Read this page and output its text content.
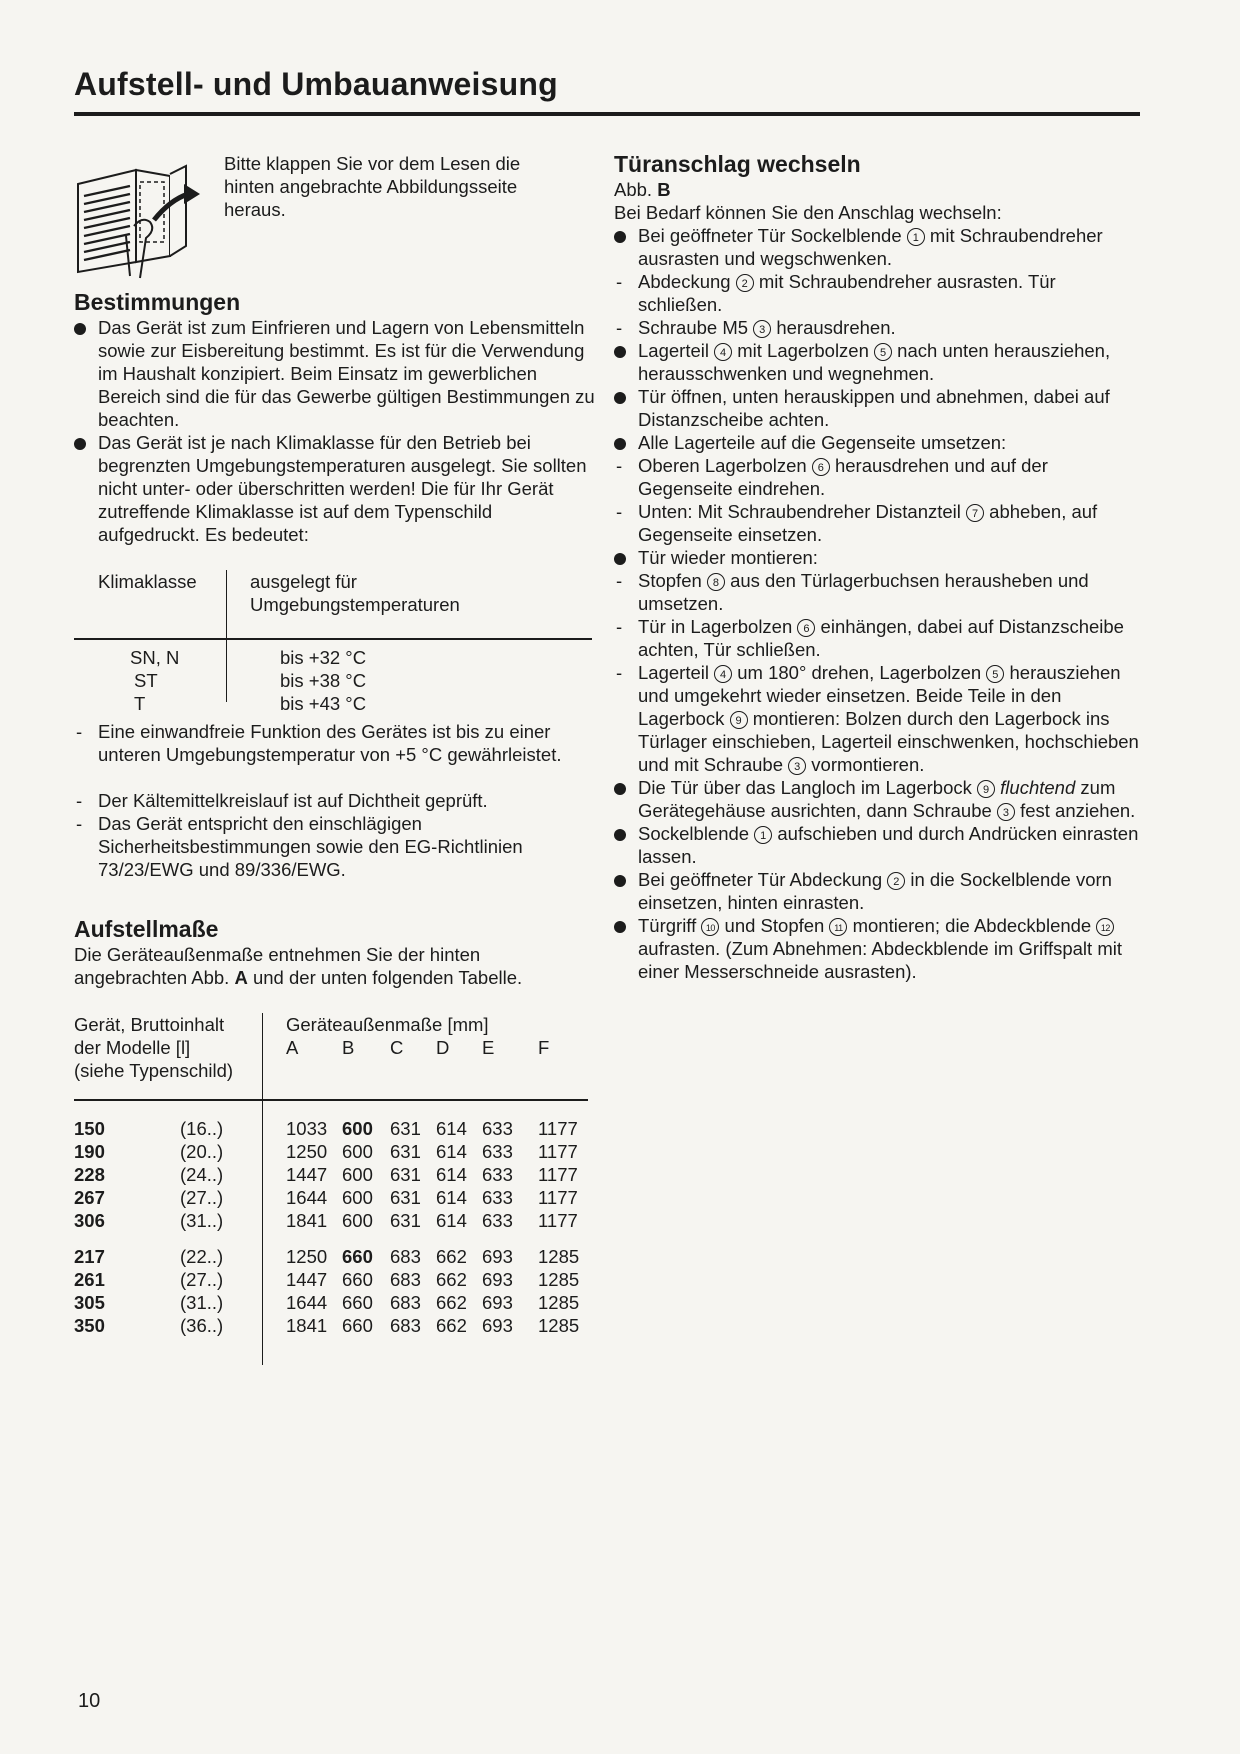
Aufstell- und Umbauanweisung

Bitte klappen Sie vor dem Lesen die hinten angebrachte Abbildungsseite heraus.

Bestimmungen
Das Gerät ist zum Einfrieren und Lagern von Lebensmitteln sowie zur Eisbereitung bestimmt. Es ist für die Verwendung im Haushalt konzipiert. Beim Einsatz im gewerblichen Bereich sind die für das Gewerbe gültigen Bestimmungen zu beachten.
Das Gerät ist je nach Klimaklasse für den Betrieb bei begrenzten Umgebungstemperaturen ausgelegt. Sie sollten nicht unter- oder überschritten werden! Die für Ihr Gerät zutreffende Klimaklasse ist auf dem Typenschild aufgedruckt. Es bedeutet:
Klimaklasse	ausgelegt für Umgebungstemperaturen
SN, N	bis +32 °C
ST	bis +38 °C
T	bis +43 °C
- Eine einwandfreie Funktion des Gerätes ist bis zu einer unteren Umgebungstemperatur von +5 °C gewährleistet.
- Der Kältemittelkreislauf ist auf Dichtheit geprüft.
- Das Gerät entspricht den einschlägigen Sicherheitsbestimmungen sowie den EG-Richtlinien 73/23/EWG und 89/336/EWG.
Aufstellmaße

Die Geräteaußenmaße entnehmen Sie der hinten angebrachten Abb. A und der unten folgenden Tabelle.

Gerät, Bruttoinhalt
der Modelle [l]
(siehe Typenschild)
Geräteaußenmaße [mm]
A B C D E F
150	(16..)	1033 600 631 614 633 1177
190	(20..)	1250 600 631 614 633 1177
228	(24..)	1447 600 631 614 633 1177
267	(27..)	1644 600 631 614 633 1177
306	(31..)	1841 600 631 614 633 1177
217	(22..)	1250 660 683 662 693 1285
261	(27..)	1447 660 683 662 693 1285
305	(31..)	1644 660 683 662 693 1285
350	(36..)	1841 660 683 662 693 1285
Türanschlag wechseln

Abb. B

Bei Bedarf können Sie den Anschlag wechseln:

Bei geöffneter Tür Sockelblende 1 mit Schraubendreher ausrasten und wegschwenken.
- Abdeckung 2 mit Schraubendreher ausrasten. Tür schließen.
- Schraube M5 3 herausdrehen.
Lagerteil 4 mit Lagerbolzen 5 nach unten herausziehen, herausschwenken und wegnehmen.
Tür öffnen, unten herauskippen und abnehmen, dabei auf Distanzscheibe achten.
Alle Lagerteile auf die Gegenseite umsetzen:
- Oberen Lagerbolzen 6 herausdrehen und auf der Gegenseite eindrehen.
- Unten: Mit Schraubendreher Distanzteil 7 abheben, auf Gegenseite einsetzen.
Tür wieder montieren:
- Stopfen 8 aus den Türlagerbuchsen herausheben und umsetzen.
- Tür in Lagerbolzen 6 einhängen, dabei auf Distanzscheibe achten, Tür schließen.
- Lagerteil 4 um 180° drehen, Lagerbolzen 5 herausziehen und umgekehrt wieder einsetzen. Beide Teile in den Lagerbock 9 montieren: Bolzen durch den Lagerbock ins Türlager einschieben, Lagerteil einschwenken, hochschieben und mit Schraube 3 vormontieren.
Die Tür über das Langloch im Lagerbock 9 fluchtend zum Gerätegehäuse ausrichten, dann Schraube 3 fest anziehen.
Sockelblende 1 aufschieben und durch Andrücken einrasten lassen.
Bei geöffneter Tür Abdeckung 2 in die Sockelblende vorn einsetzen, hinten einrasten.
Türgriff 10 und Stopfen 11 montieren; die Abdeckblende 12 aufrasten. (Zum Abnehmen: Abdeckblende im Griffspalt mit einer Messerschneide ausrasten).
10
